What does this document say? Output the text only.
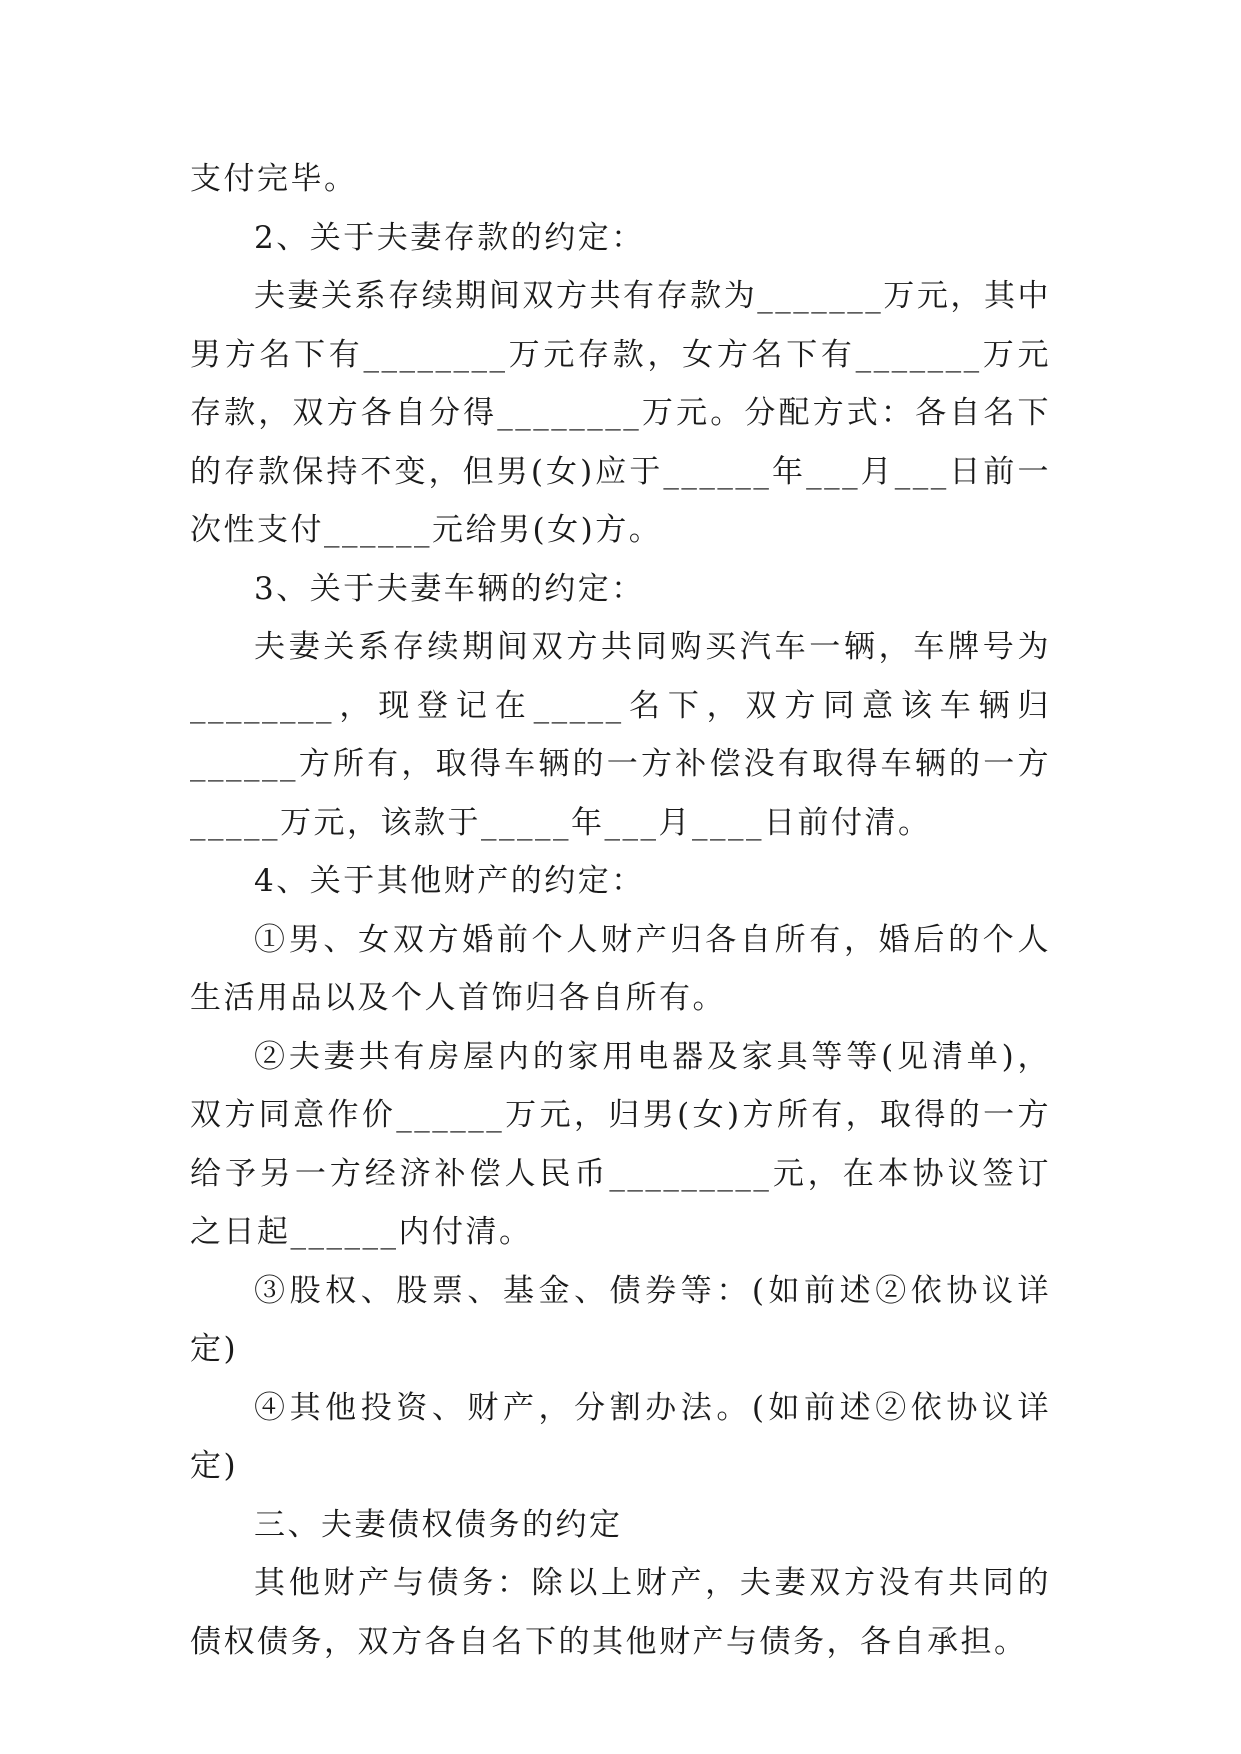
支付完毕。

2、关于夫妻存款的约定：

夫妻关系存续期间双方共有存款为_______万元，其中男方名下有________万元存款，女方名下有_______万元存款，双方各自分得________万元。分配方式：各自名下的存款保持不变，但男(女)应于______年___月___日前一次性支付______元给男(女)方。

3、关于夫妻车辆的约定：

夫妻关系存续期间双方共同购买汽车一辆，车牌号为________，现登记在_____名下，双方同意该车辆归______方所有，取得车辆的一方补偿没有取得车辆的一方_____万元，该款于_____年___月____日前付清。

4、关于其他财产的约定：

①男、女双方婚前个人财产归各自所有，婚后的个人生活用品以及个人首饰归各自所有。

②夫妻共有房屋内的家用电器及家具等等(见清单)，双方同意作价______万元，归男(女)方所有，取得的一方给予另一方经济补偿人民币_________元，在本协议签订之日起______内付清。

③股权、股票、基金、债券等：(如前述②依协议详定)

④其他投资、财产，分割办法。(如前述②依协议详定)

三、夫妻债权债务的约定

其他财产与债务：除以上财产，夫妻双方没有共同的债权债务，双方各自名下的其他财产与债务，各自承担。
